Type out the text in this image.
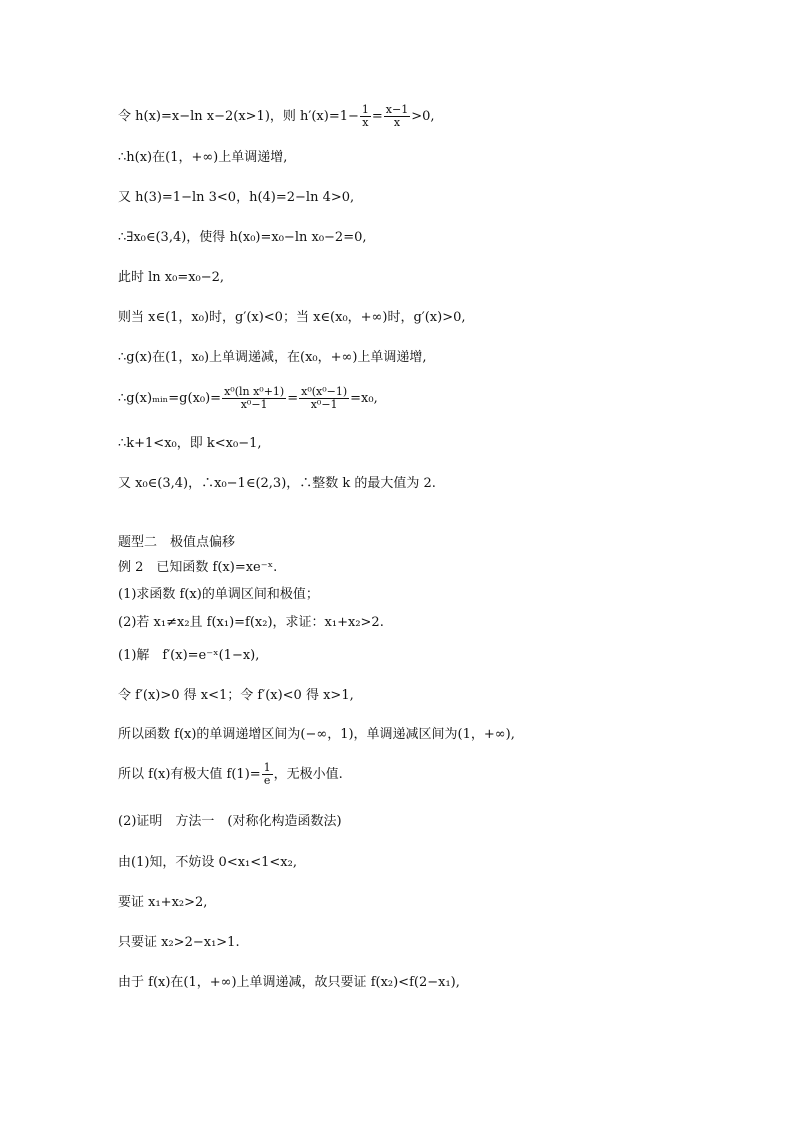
令 h(x)=x−ln x−2(x>1)，则 $h'(x)=1- \frac{1}{x} = \frac{x-1}{x} >0$,
∴h(x)在(1，+∞)上单调递增,
又 h(3)=1−ln 3<0，h(4)=2−ln 4>0,
∴∃x₀∈(3,4)，使得 h(x₀)=x₀−ln x₀−2=0,
此时 ln x₀=x₀−2,
则当 x∈(1，x₀)时，g′(x)<0；当 x∈(x₀，+∞)时，g′(x)>0,
∴g(x)在(1，x₀)上单调递减，在(x₀，+∞)上单调递增,
∴g(x)ₘᵢₙ=g(x₀)= $\frac{\text{x⁰(ln x⁰+1)}}{\text{x⁰−1}} = \frac{\text{x⁰(x⁰−1)}}{\text{x⁰−1}} =x_0$,
∴k+1<x₀，即 k<x₀−1,
又 x₀∈(3,4)，∴x₀−1∈(2,3)，∴整数 k 的最大值为 2.
题型二　极值点偏移
例 2　已知函数 f(x)=xe⁻ˣ.
(1)求函数 f(x)的单调区间和极值；
(2)若 x₁≠x₂且 f(x₁)=f(x₂)，求证：x₁+x₂>2.
(1)解　f′(x)=e⁻ˣ(1−x),
令 f′(x)>0 得 x<1；令 f′(x)<0 得 x>1,
所以函数 f(x)的单调递增区间为(−∞，1)，单调递减区间为(1，+∞),
所以 f(x)有极大值 $f(1)= \frac{1}{e}$ ，无极小值.
(2)证明　方法一　(对称化构造函数法)
由(1)知，不妨设 0<x₁<1<x₂,
要证 x₁+x₂>2,
只要证 x₂>2−x₁>1.
由于 f(x)在(1，+∞)上单调递减，故只要证 f(x₂)<f(2−x₁),
